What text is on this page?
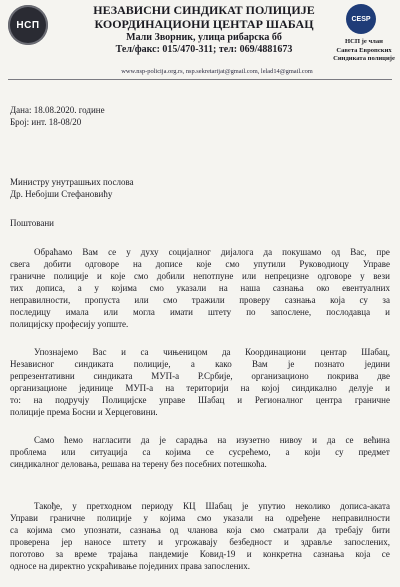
НСП
НЕЗАВИСНИ СИНДИКАТ ПОЛИЦИЈЕ
КООРДИНАЦИОНИ ЦЕНТАР ШАБАЦ
Мали Зворник, улица рибарска бб
Тел/факс: 015/470-311; тел: 069/4881673
CESP
НСП је члан
Савета Европских
Синдиката полиције
www.nsp-policija.org.rs, nsp.sekretarijat@gmail.com, lelad14@gmail.com
Дана: 18.08.2020. године
Број: инт. 18-08/20
Министру унутрашњих послова
Др. Небојши Стефановићу
Поштовани
Обраћамо Вам се у духу социјалног дијалога да покушамо од Вас, пре
свега добити одговоре на дописе које смо упутили Руководиоцу Управе
граничне полиције и које смо добили непотпуне или непрецизне одговоре у вези
тих дописа, а у којима смо указали на наша сазнања око евентуалних
неправилности, пропуста или смо тражили проверу сазнања која су за
последицу имала или могла имати штету по запослене, послодавца и
полицијску професију уопште.
Упознајемо Вас и са чињеницом да Координациони центар Шабац,
Независног синдиката полиције, а како Вам је познато једини
репрезентативни синдиката МУП-а Р.Србије, организационо покрива две
организационе јединице МУП-а на територији на којој синдикално делује и
то: на подручју Полицијске управе Шабац и Регионалног центра граничне
полиције према Босни и Херцеговини.
Само ћемо нагласити да је сарадња на изузетно нивоу и да се већина
проблема или ситуација са којима се сусрећемо, а који су предмет
синдикалног деловања, решава на терену без посебних потешкоћа.
Такође, у претходном периоду КЦ Шабац је упутио неколико дописа-аката
Управи граничне полиције у којима смо указали на одређене неправилности
са којима смо упознати, сазнања од чланова која смо сматрали да требају бити
проверена јер наносе штету и угрожавају безбедност и здравље запослених,
поготово за време трајања пандемије Ковид-19 и конкретна сазнања која се
односе на директно ускраћивање појединих права запослених.
